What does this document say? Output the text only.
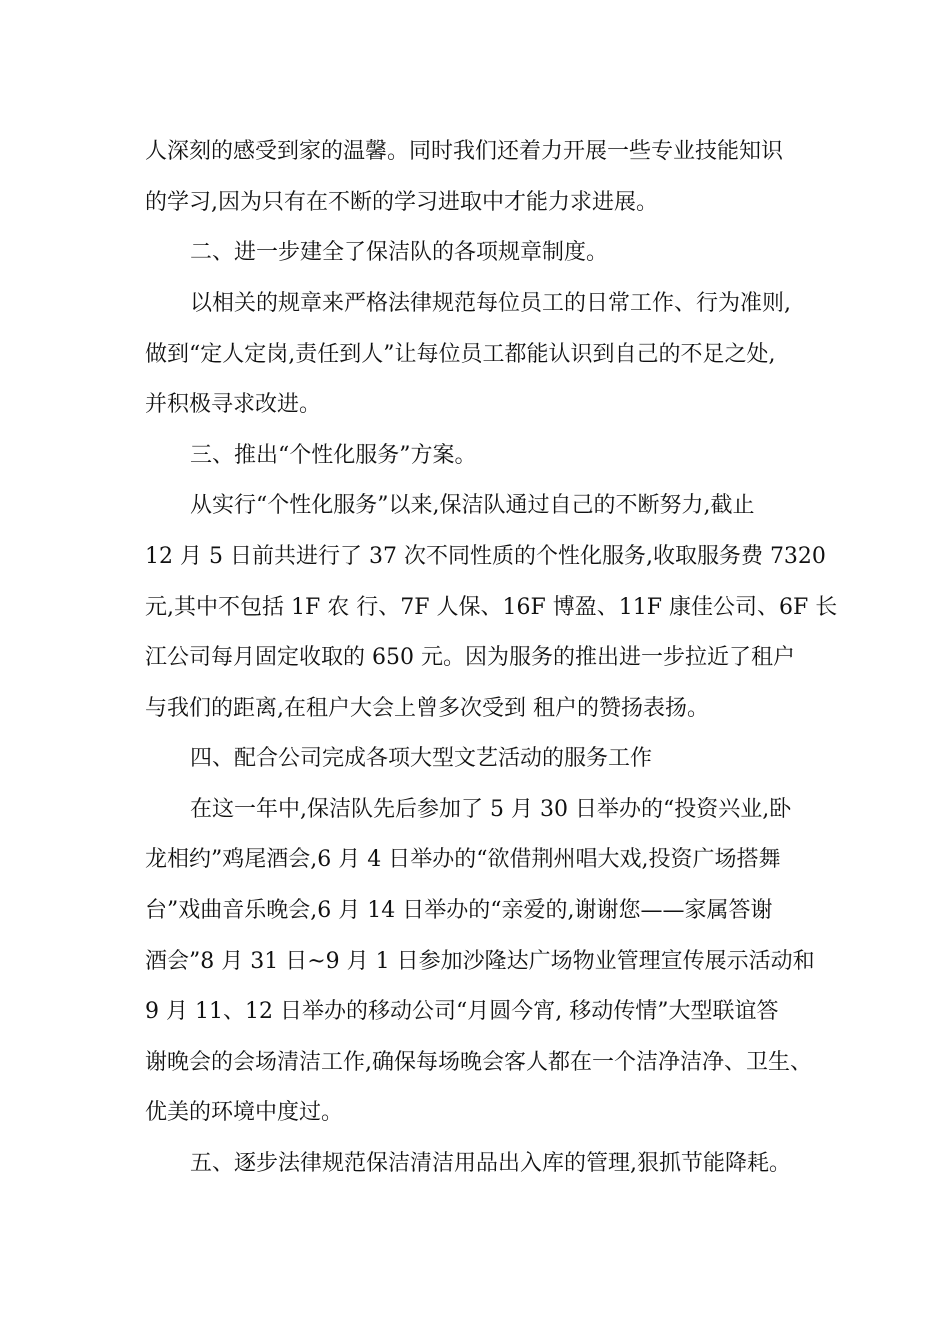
人深刻的感受到家的温馨。同时我们还着力开展一些专业技能知识

的学习,因为只有在不断的学习进取中才能力求进展。

二、进一步建全了保洁队的各项规章制度。

以相关的规章来严格法律规范每位员工的日常工作、行为准则,

做到“定人定岗,责任到人”让每位员工都能认识到自己的不足之处,

并积极寻求改进。

三、推出“个性化服务”方案。

从实行“个性化服务”以来,保洁队通过自己的不断努力,截止

12 月 5 日前共进行了 37 次不同性质的个性化服务,收取服务费 7320

元,其中不包括 1F 农 行、7F 人保、16F 博盈、11F 康佳公司、6F 长

江公司每月固定收取的 650 元。因为服务的推出进一步拉近了租户

与我们的距离,在租户大会上曾多次受到 租户的赞扬表扬。

四、配合公司完成各项大型文艺活动的服务工作

在这一年中,保洁队先后参加了 5 月 30 日举办的“投资兴业,卧

龙相约”鸡尾酒会,6 月 4 日举办的“欲借荆州唱大戏,投资广场搭舞

台”戏曲音乐晚会,6 月 14 日举办的“亲爱的,谢谢您——家属答谢

酒会”8 月 31 日~9 月 1 日参加沙隆达广场物业管理宣传展示活动和

9 月 11、12 日举办的移动公司“月圆今宵, 移动传情”大型联谊答

谢晚会的会场清洁工作,确保每场晚会客人都在一个洁净洁净、卫生、

优美的环境中度过。

五、逐步法律规范保洁清洁用品出入库的管理,狠抓节能降耗。
